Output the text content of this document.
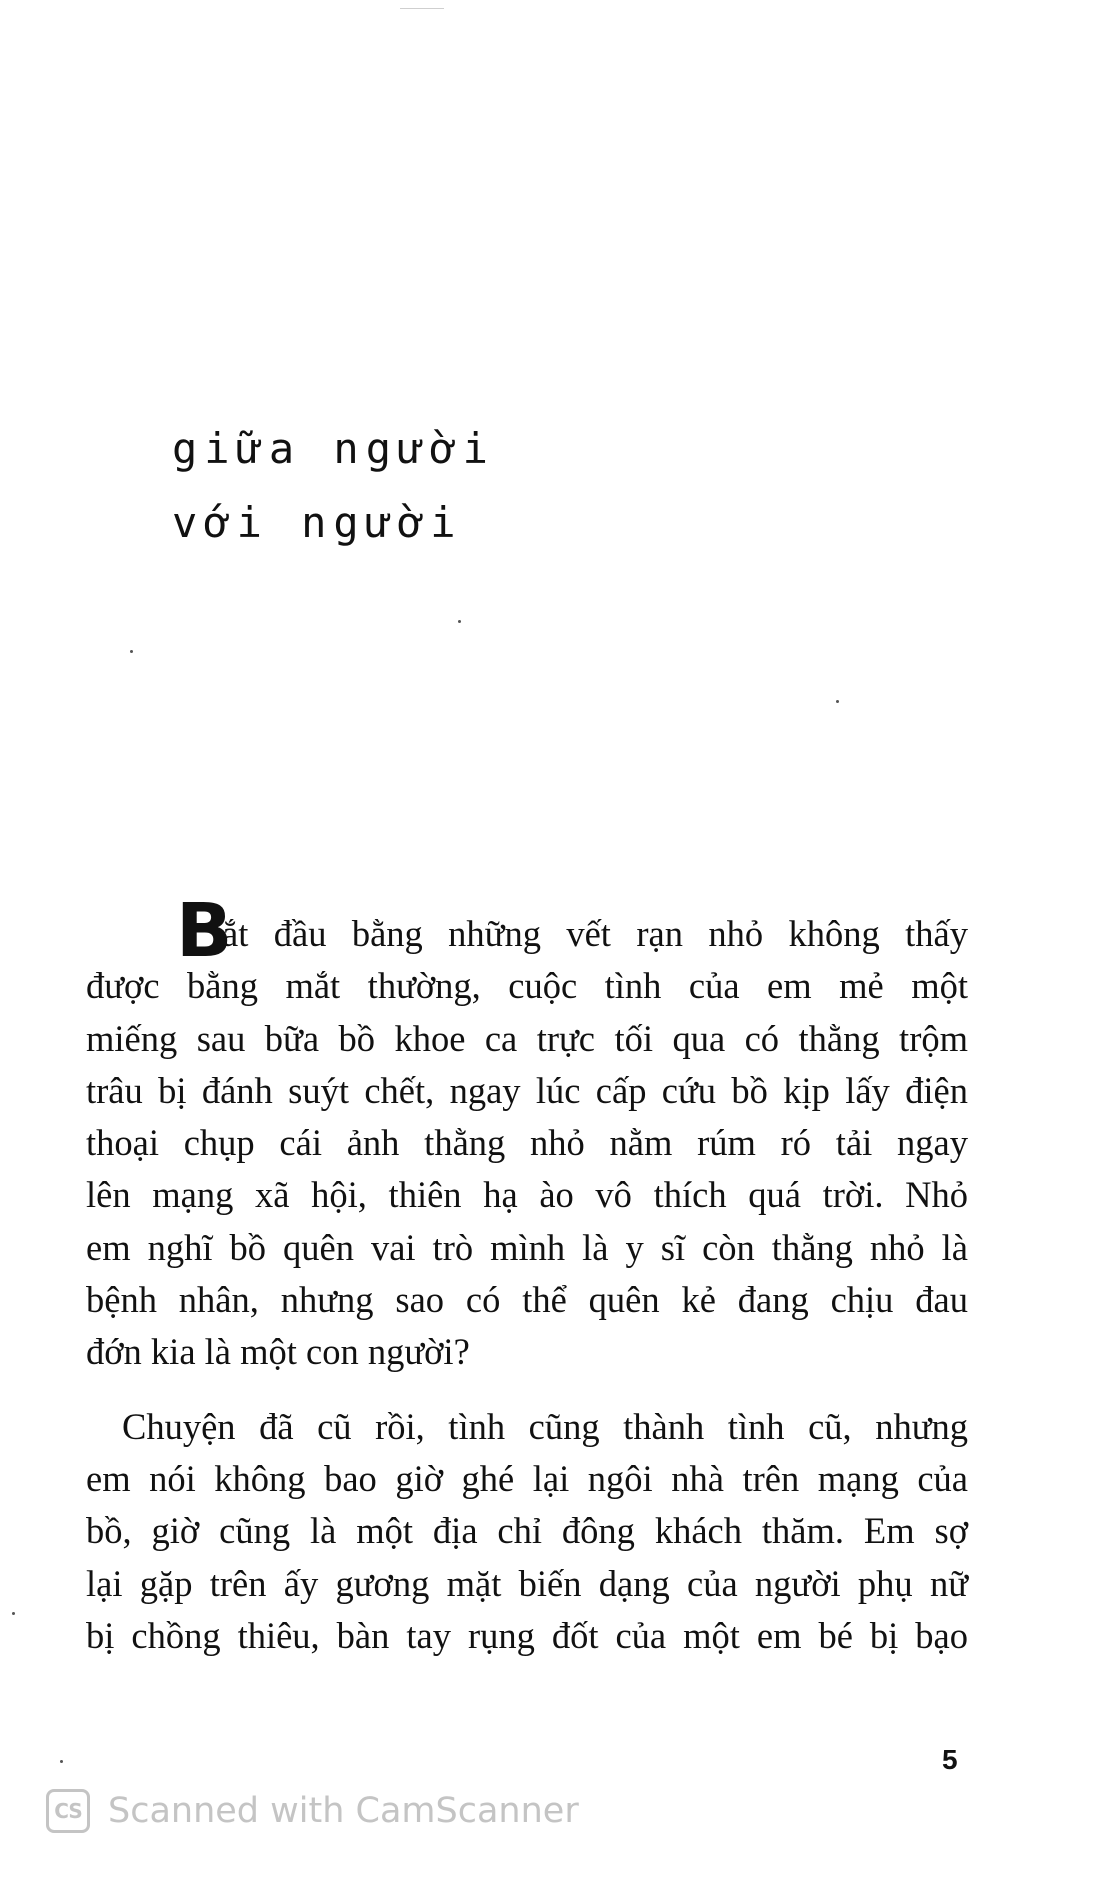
giữa người
với người

B
ắt đầu bằng những vết rạn nhỏ không thấy
được bằng mắt thường, cuộc tình của em mẻ một
miếng sau bữa bồ khoe ca trực tối qua có thằng trộm
trâu bị đánh suýt chết, ngay lúc cấp cứu bồ kịp lấy điện
thoại chụp cái ảnh thằng nhỏ nằm rúm ró tải ngay
lên mạng xã hội, thiên hạ ào vô thích quá trời. Nhỏ
em nghĩ bồ quên vai trò mình là y sĩ còn thằng nhỏ là
bệnh nhân, nhưng sao có thể quên kẻ đang chịu đau
đớn kia là một con người?

Chuyện đã cũ rồi, tình cũng thành tình cũ, nhưng
em nói không bao giờ ghé lại ngôi nhà trên mạng của
bồ, giờ cũng là một địa chỉ đông khách thăm. Em sợ
lại gặp trên ấy gương mặt biến dạng của người phụ nữ
bị chồng thiêu, bàn tay rụng đốt của một em bé bị bạo

5
CS Scanned with CamScanner
